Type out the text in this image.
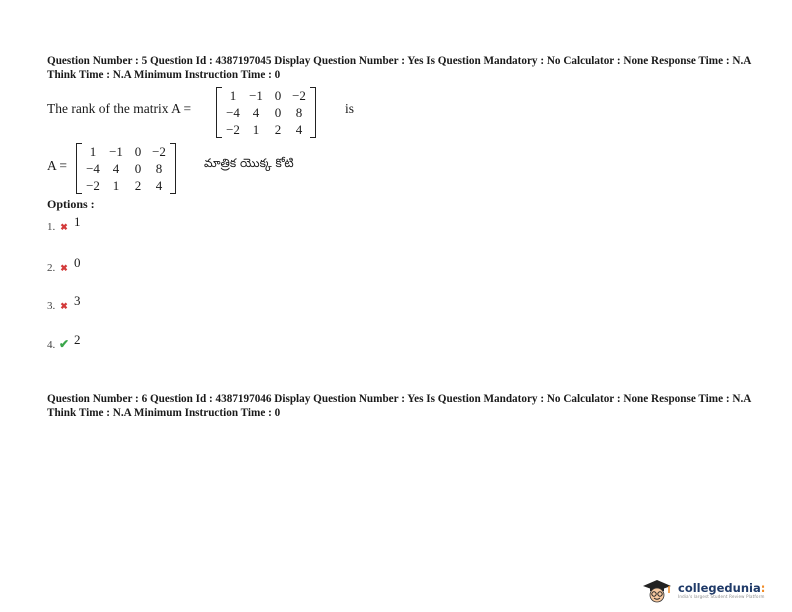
Question Number : 5 Question Id : 4387197045 Display Question Number : Yes Is Question Mandatory : No Calculator : None Response Time : N.A Think Time : N.A Minimum Instruction Time : 0
The rank of the matrix A =
1 −1 0 −2
−4 4 0 8
−2 1 2 4
is
A =
1 −1 0 −2
−4 4 0 8
−2 1 2 4
మాత్రిక యొక్క కోటి
Options :
1. ✖ 1
2. ✖ 0
3. ✖ 3
4. ✔ 2
Question Number : 6 Question Id : 4387197046 Display Question Number : Yes Is Question Mandatory : No Calculator : None Response Time : N.A Think Time : N.A Minimum Instruction Time : 0
collegedunia:
India's largest Student Review Platform
